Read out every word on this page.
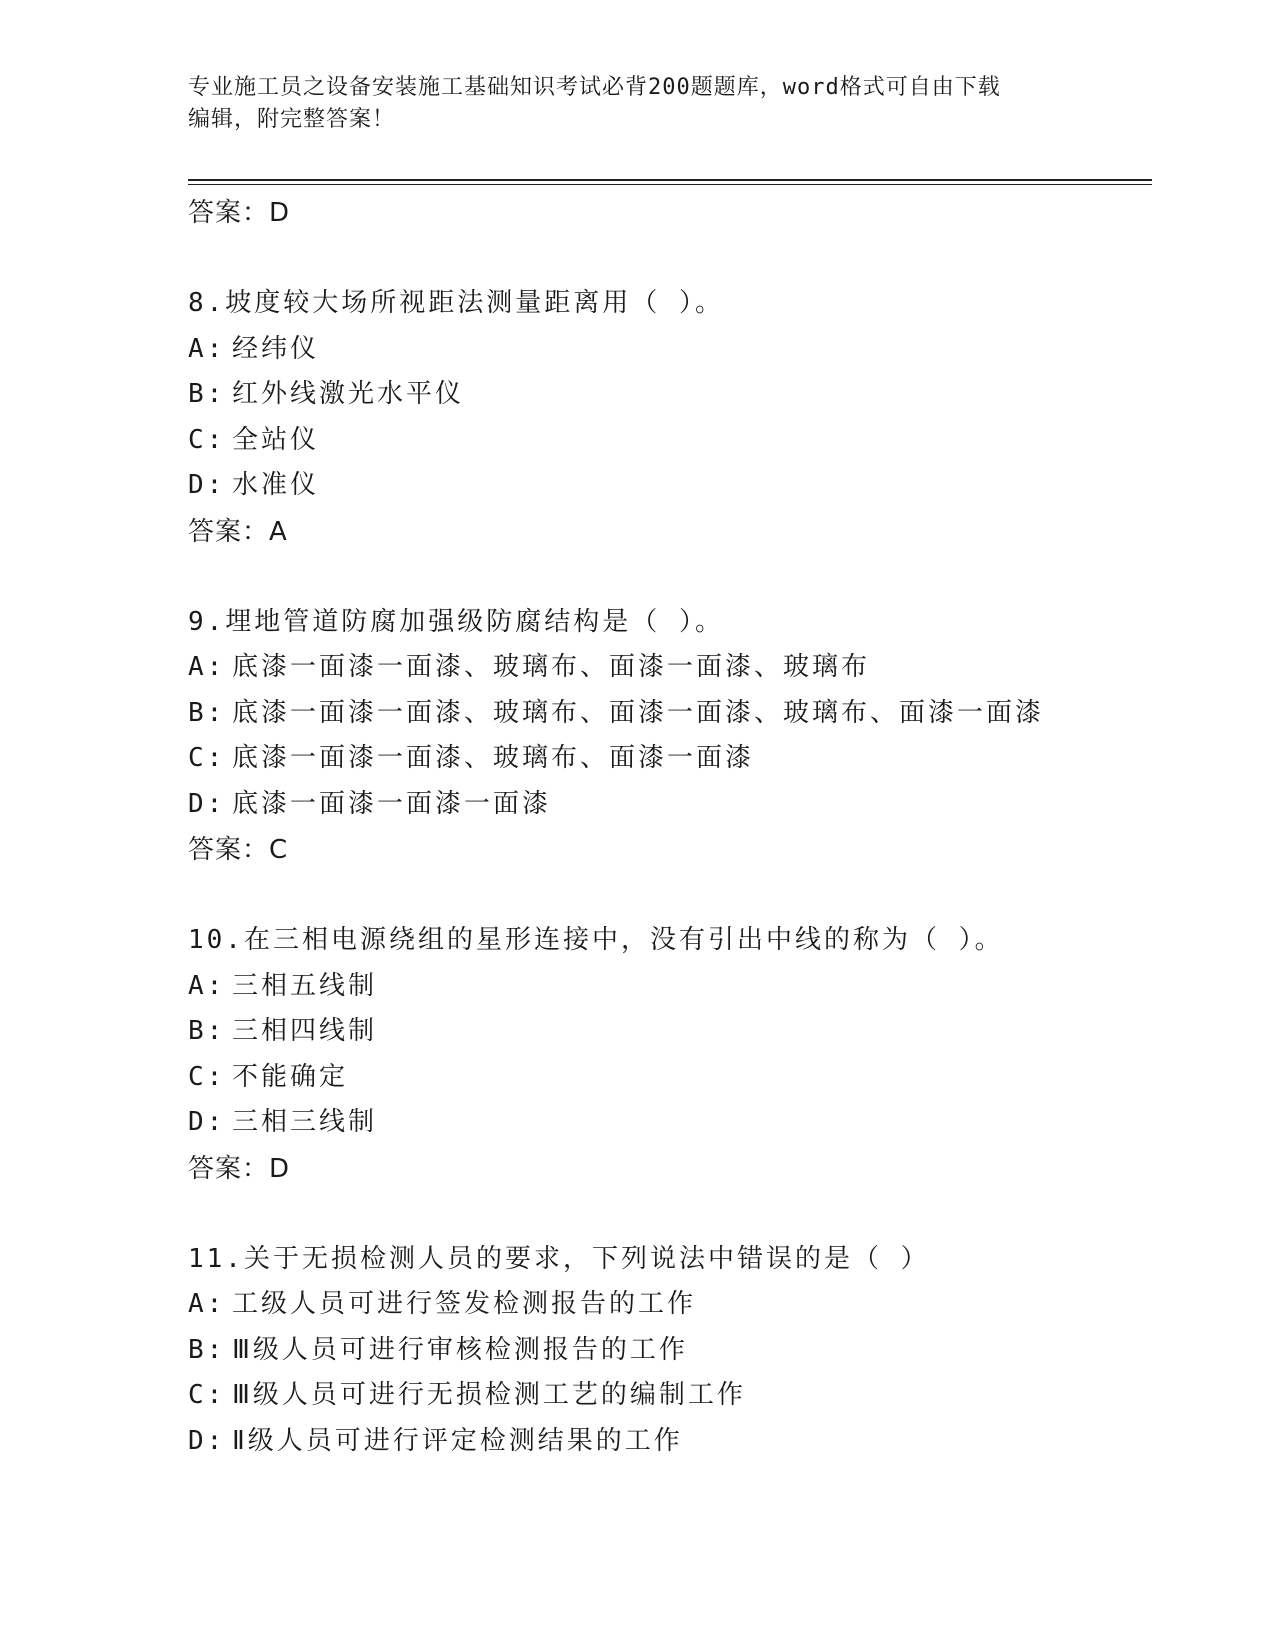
专业施工员之设备安装施工基础知识考试必背200题题库，word格式可自由下载
编辑，附完整答案！
答案：D
8.坡度较大场所视距法测量距离用（ ）。
A: 经纬仪
B: 红外线激光水平仪
C: 全站仪
D: 水准仪
答案：A
9.埋地管道防腐加强级防腐结构是（ ）。
A: 底漆一面漆一面漆、玻璃布、面漆一面漆、玻璃布
B: 底漆一面漆一面漆、玻璃布、面漆一面漆、玻璃布、面漆一面漆
C: 底漆一面漆一面漆、玻璃布、面漆一面漆
D: 底漆一面漆一面漆一面漆
答案：C
10.在三相电源绕组的星形连接中，没有引出中线的称为（ ）。
A: 三相五线制
B: 三相四线制
C: 不能确定
D: 三相三线制
答案：D
11.关于无损检测人员的要求，下列说法中错误的是（ ）
A: 工级人员可进行签发检测报告的工作
B: Ⅲ级人员可进行审核检测报告的工作
C: Ⅲ级人员可进行无损检测工艺的编制工作
D: Ⅱ级人员可进行评定检测结果的工作
